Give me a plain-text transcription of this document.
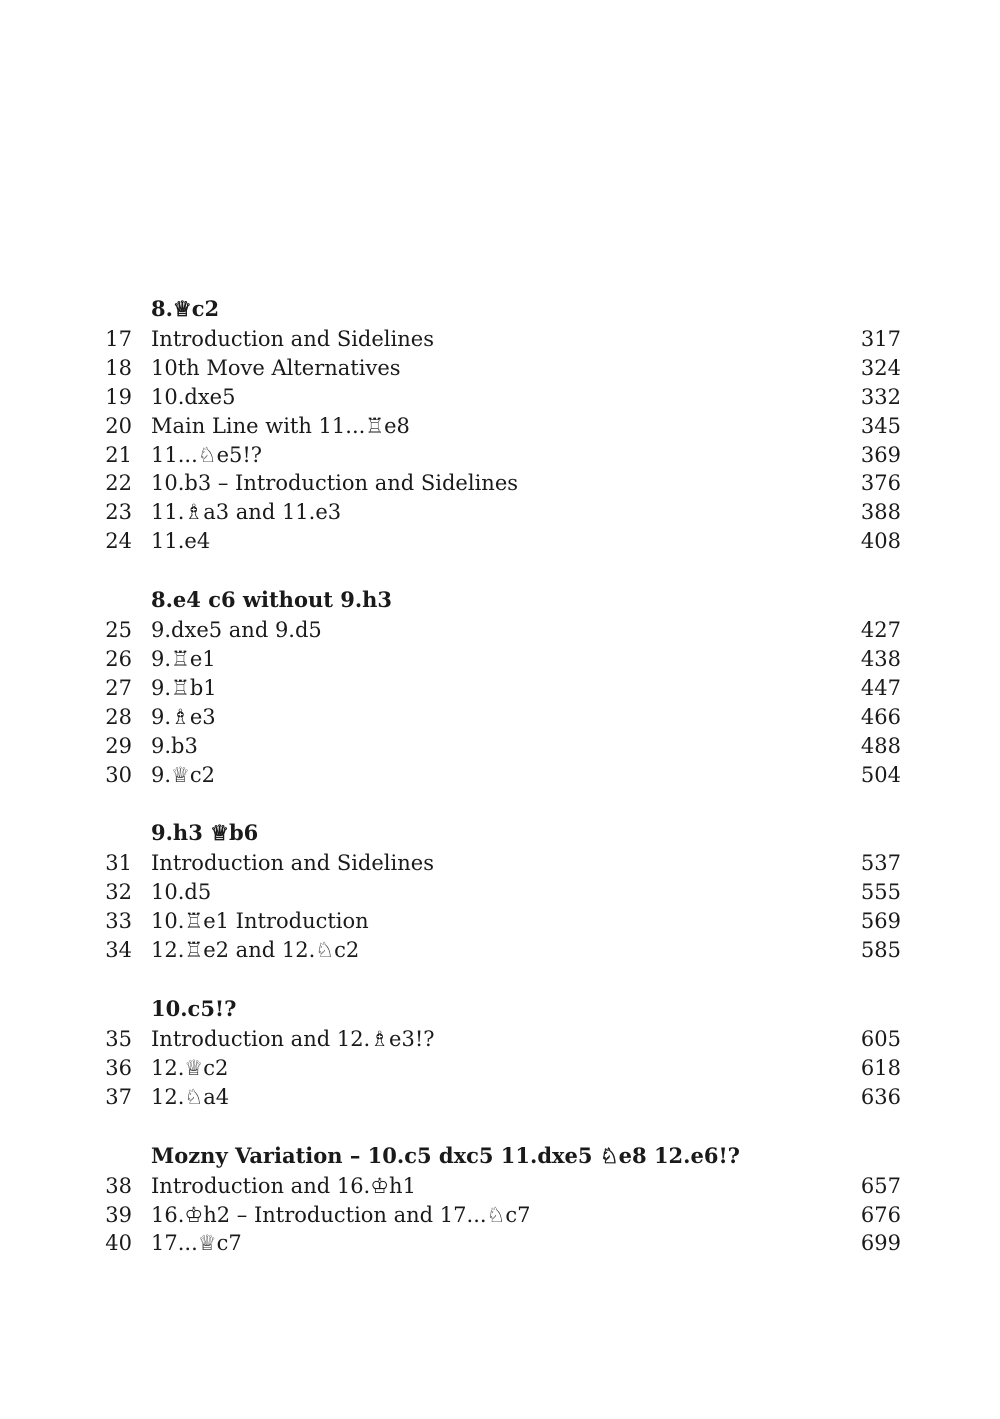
8.♕c2
17 Introduction and Sidelines	317
18 10th Move Alternatives	324
19 10.dxe5	332
20 Main Line with 11...♖e8	345
21 11...♘e5!?	369
22 10.b3 – Introduction and Sidelines	376
23 11.♗a3 and 11.e3	388
24 11.e4	408
8.e4 c6 without 9.h3
25 9.dxe5 and 9.d5	427
26 9.♖e1	438
27 9.♖b1	447
28 9.♗e3	466
29 9.b3	488
30 9.♕c2	504
9.h3 ♕b6
31 Introduction and Sidelines	537
32 10.d5	555
33 10.♖e1 Introduction	569
34 12.♖e2 and 12.♘c2	585
10.c5!?
35 Introduction and 12.♗e3!?	605
36 12.♕c2	618
37 12.♘a4	636
Mozny Variation – 10.c5 dxc5 11.dxe5 ♘e8 12.e6!?
38 Introduction and 16.♔h1	657
39 16.♔h2 – Introduction and 17...♘c7	676
40 17...♕c7	699
